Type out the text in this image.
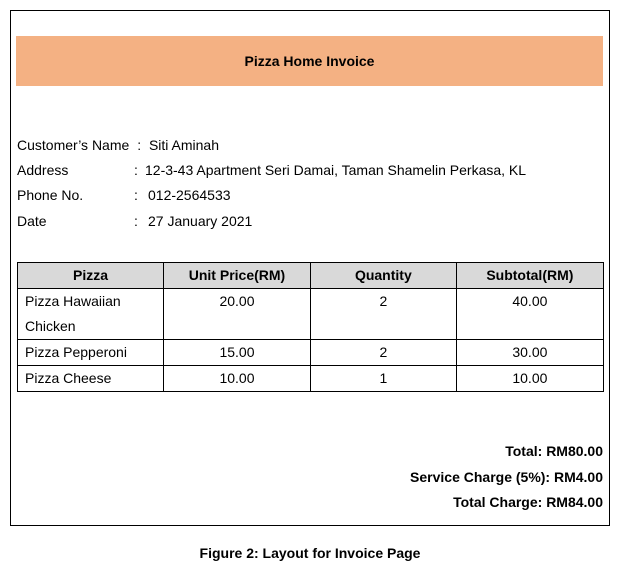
Pizza Home Invoice
Customer’s Name : Siti Aminah
Address	: 12-3-43 Apartment Seri Damai, Taman Shamelin Perkasa, KL
Phone No.	: 012-2564533
Date	: 27 January 2021
Pizza	Unit Price(RM)	Quantity	Subtotal(RM)

Pizza Hawaiian
Chicken	20.00	2	40.00
Pizza Pepperoni	15.00	2	30.00
Pizza Cheese	10.00	1	10.00
Total: RM80.00
Service Charge (5%): RM4.00
Total Charge: RM84.00
Figure 2: Layout for Invoice Page
